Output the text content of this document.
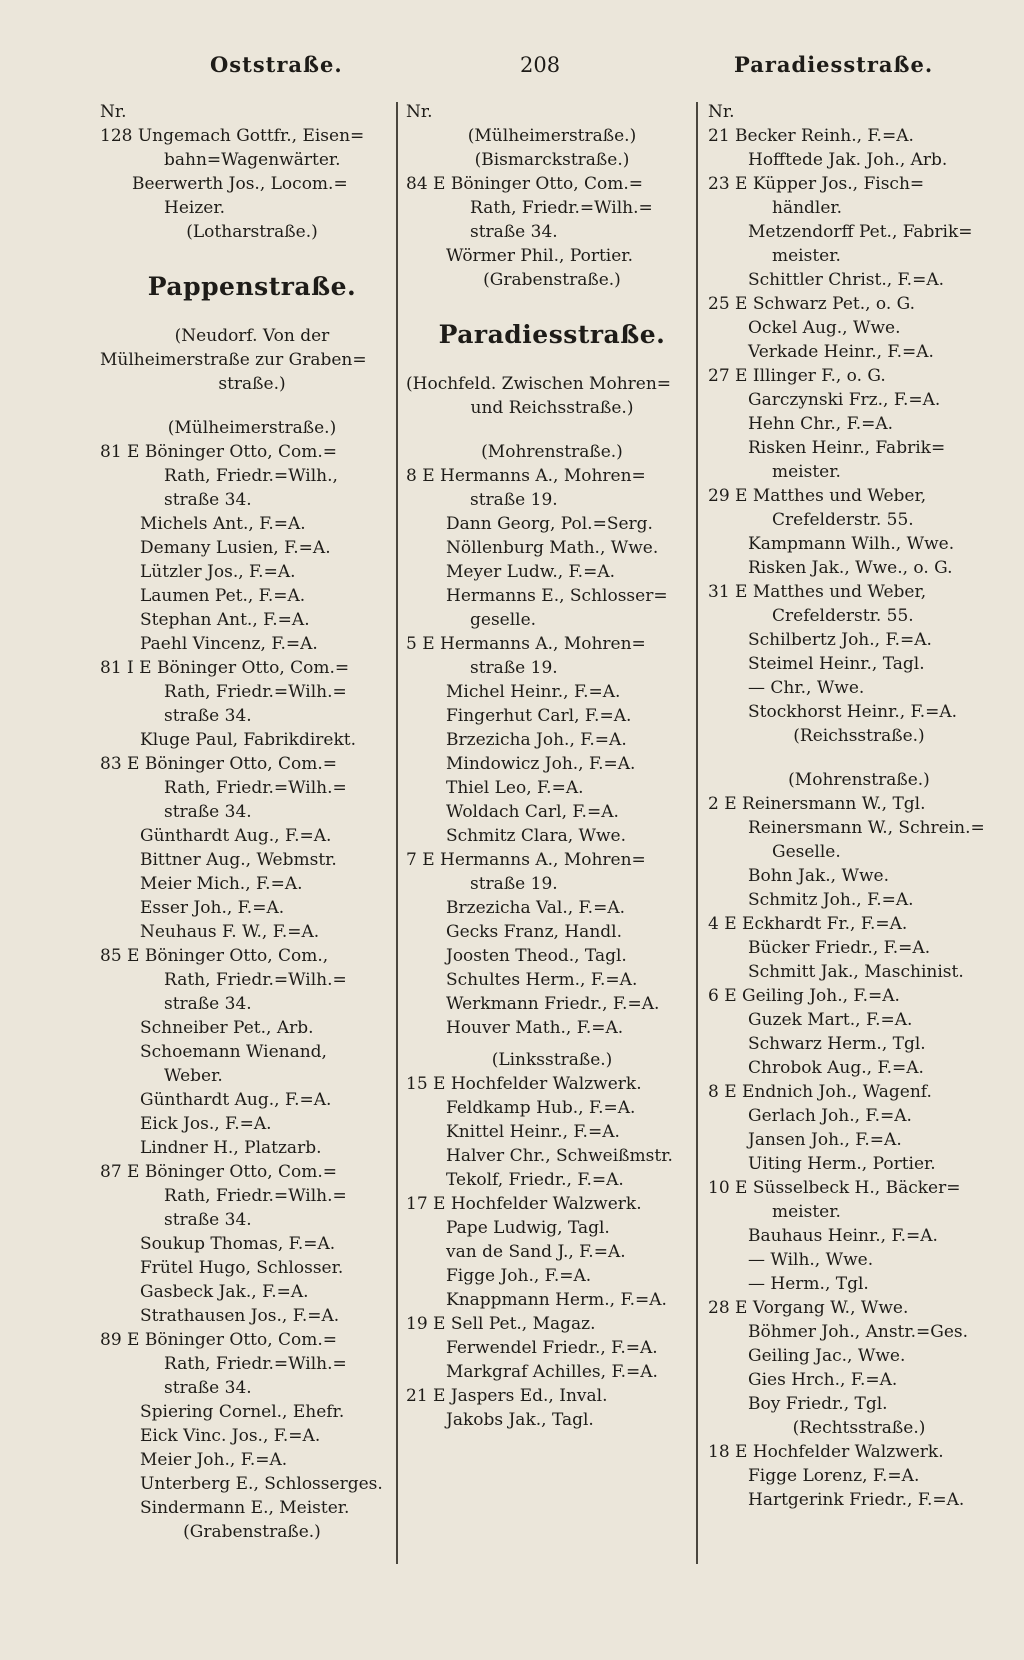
Oststraße.	208	Paradiesstraße.
Nr.
128 Ungemach Gottfr., Eisen=
bahn=Wagenwärter.
Beerwerth Jos., Locom.=
Heizer.
(Lotharstraße.)
Pappenstraße.
(Neudorf. Von der
Mülheimerstraße zur Graben=
straße.)
(Mülheimerstraße.)
81 E Böninger Otto, Com.=
Rath, Friedr.=Wilh.,
straße 34.
Michels Ant., F.=A.
Demany Lusien, F.=A.
Lützler Jos., F.=A.
Laumen Pet., F.=A.
Stephan Ant., F.=A.
Paehl Vincenz, F.=A.
81 I E Böninger Otto, Com.=
Rath, Friedr.=Wilh.=
straße 34.
Kluge Paul, Fabrikdirekt.
83 E Böninger Otto, Com.=
Rath, Friedr.=Wilh.=
straße 34.
Günthardt Aug., F.=A.
Bittner Aug., Webmstr.
Meier Mich., F.=A.
Esser Joh., F.=A.
Neuhaus F. W., F.=A.
85 E Böninger Otto, Com.,
Rath, Friedr.=Wilh.=
straße 34.
Schneiber Pet., Arb.
Schoemann Wienand,
Weber.
Günthardt Aug., F.=A.
Eick Jos., F.=A.
Lindner H., Platzarb.
87 E Böninger Otto, Com.=
Rath, Friedr.=Wilh.=
straße 34.
Soukup Thomas, F.=A.
Frütel Hugo, Schlosser.
Gasbeck Jak., F.=A.
Strathausen Jos., F.=A.
89 E Böninger Otto, Com.=
Rath, Friedr.=Wilh.=
straße 34.
Spiering Cornel., Ehefr.
Eick Vinc. Jos., F.=A.
Meier Joh., F.=A.
Unterberg E., Schlosserges.
Sindermann E., Meister.
(Grabenstraße.)
Nr.
(Mülheimerstraße.)
(Bismarckstraße.)
84 E Böninger Otto, Com.=
Rath, Friedr.=Wilh.=
straße 34.
Wörmer Phil., Portier.
(Grabenstraße.)
Paradiesstraße.
(Hochfeld. Zwischen Mohren=
und Reichsstraße.)
(Mohrenstraße.)
8 E Hermanns A., Mohren=
straße 19.
Dann Georg, Pol.=Serg.
Nöllenburg Math., Wwe.
Meyer Ludw., F.=A.
Hermanns E., Schlosser=
geselle.
5 E Hermanns A., Mohren=
straße 19.
Michel Heinr., F.=A.
Fingerhut Carl, F.=A.
Brzezicha Joh., F.=A.
Mindowicz Joh., F.=A.
Thiel Leo, F.=A.
Woldach Carl, F.=A.
Schmitz Clara, Wwe.
7 E Hermanns A., Mohren=
straße 19.
Brzezicha Val., F.=A.
Gecks Franz, Handl.
Joosten Theod., Tagl.
Schultes Herm., F.=A.
Werkmann Friedr., F.=A.
Houver Math., F.=A.
(Linksstraße.)
15 E Hochfelder Walzwerk.
Feldkamp Hub., F.=A.
Knittel Heinr., F.=A.
Halver Chr., Schweißmstr.
Tekolf, Friedr., F.=A.
17 E Hochfelder Walzwerk.
Pape Ludwig, Tagl.
van de Sand J., F.=A.
Figge Joh., F.=A.
Knappmann Herm., F.=A.
19 E Sell Pet., Magaz.
Ferwendel Friedr., F.=A.
Markgraf Achilles, F.=A.
21 E Jaspers Ed., Inval.
Jakobs Jak., Tagl.
Nr.
21 Becker Reinh., F.=A.
Hofftede Jak. Joh., Arb.
23 E Küpper Jos., Fisch=
händler.
Metzendorff Pet., Fabrik=
meister.
Schittler Christ., F.=A.
25 E Schwarz Pet., o. G.
Ockel Aug., Wwe.
Verkade Heinr., F.=A.
27 E Illinger F., o. G.
Garczynski Frz., F.=A.
Hehn Chr., F.=A.
Risken Heinr., Fabrik=
meister.
29 E Matthes und Weber,
Crefelderstr. 55.
Kampmann Wilh., Wwe.
Risken Jak., Wwe., o. G.
31 E Matthes und Weber,
Crefelderstr. 55.
Schilbertz Joh., F.=A.
Steimel Heinr., Tagl.
— Chr., Wwe.
Stockhorst Heinr., F.=A.
(Reichsstraße.)
(Mohrenstraße.)
2 E Reinersmann W., Tgl.
Reinersmann W., Schrein.=
Geselle.
Bohn Jak., Wwe.
Schmitz Joh., F.=A.
4 E Eckhardt Fr., F.=A.
Bücker Friedr., F.=A.
Schmitt Jak., Maschinist.
6 E Geiling Joh., F.=A.
Guzek Mart., F.=A.
Schwarz Herm., Tgl.
Chrobok Aug., F.=A.
8 E Endnich Joh., Wagenf.
Gerlach Joh., F.=A.
Jansen Joh., F.=A.
Uiting Herm., Portier.
10 E Süsselbeck H., Bäcker=
meister.
Bauhaus Heinr., F.=A.
— Wilh., Wwe.
— Herm., Tgl.
28 E Vorgang W., Wwe.
Böhmer Joh., Anstr.=Ges.
Geiling Jac., Wwe.
Gies Hrch., F.=A.
Boy Friedr., Tgl.
(Rechtsstraße.)
18 E Hochfelder Walzwerk.
Figge Lorenz, F.=A.
Hartgerink Friedr., F.=A.
